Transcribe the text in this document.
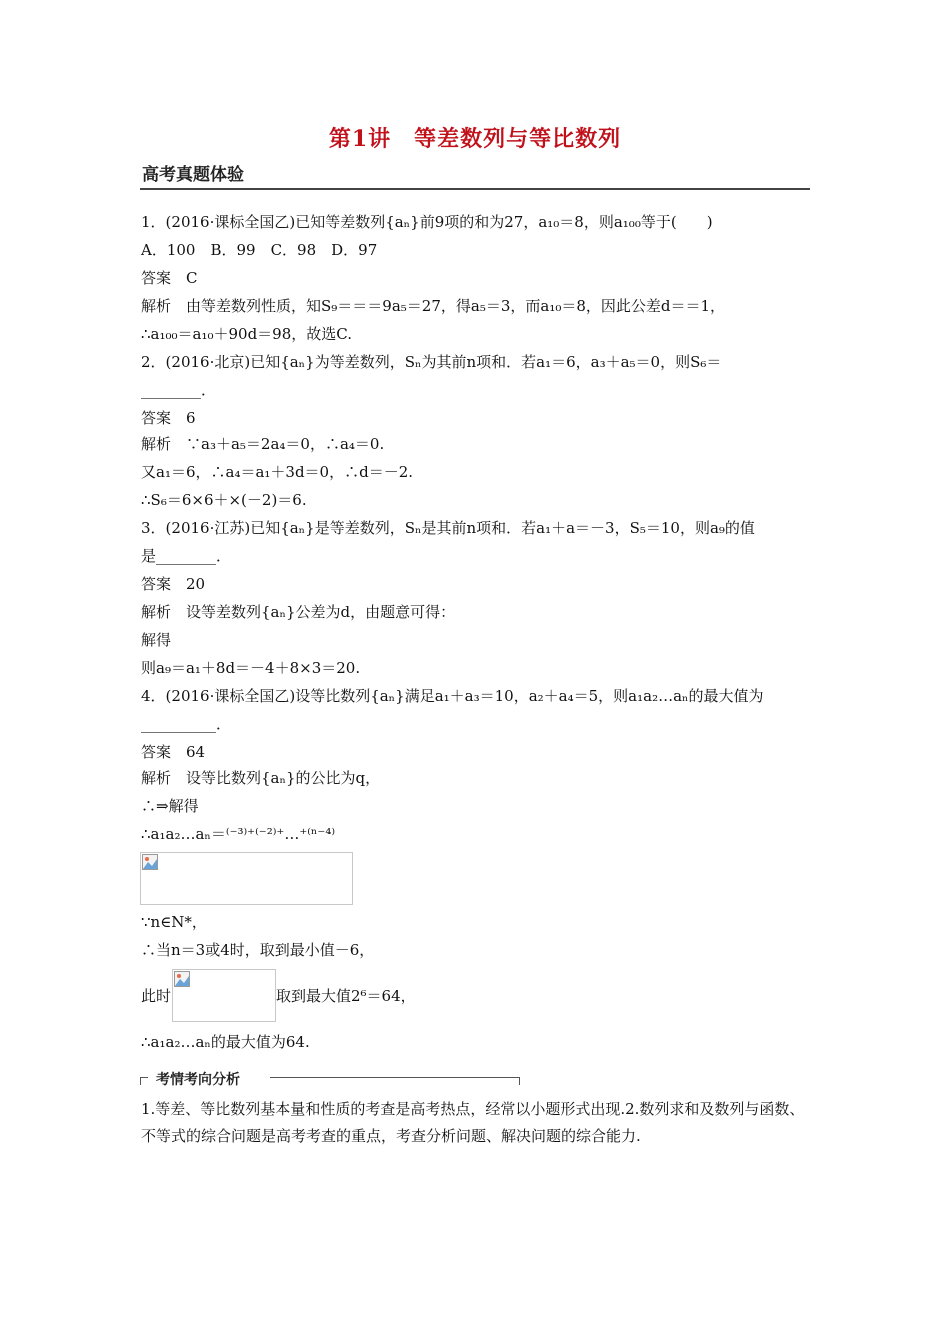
第1讲　等差数列与等比数列
高考真题体验
1．(2016·课标全国乙)已知等差数列{aₙ}前9项的和为27，a₁₀＝8，则a₁₀₀等于(　　)
A．100　B．99　C．98　D．97
答案　C
解析　由等差数列性质，知S₉＝＝＝9a₅＝27，得a₅＝3，而a₁₀＝8，因此公差d＝＝1，
∴a₁₀₀＝a₁₀＋90d＝98，故选C.
2．(2016·北京)已知{aₙ}为等差数列，Sₙ为其前n项和．若a₁＝6，a₃＋a₅＝0，则S₆＝
________．
答案　6
解析　∵a₃＋a₅＝2a₄＝0，∴a₄＝0.
又a₁＝6，∴a₄＝a₁＋3d＝0，∴d＝－2.
∴S₆＝6×6＋×(－2)＝6.
3．(2016·江苏)已知{aₙ}是等差数列，Sₙ是其前n项和．若a₁＋a＝－3，S₅＝10，则a₉的值
是________．
答案　20
解析　设等差数列{aₙ}公差为d，由题意可得：
解得
则a₉＝a₁＋8d＝－4＋8×3＝20.
4．(2016·课标全国乙)设等比数列{aₙ}满足a₁＋a₃＝10，a₂＋a₄＝5，则a₁a₂…aₙ的最大值为
__________．
答案　64
解析　设等比数列{aₙ}的公比为q，
∴⇒解得
∴a₁a₂…aₙ＝⁽⁻³⁾⁺⁽⁻²⁾⁺…⁺⁽ⁿ⁻⁴⁾
∵n∈N*，
∴当n＝3或4时，取到最小值－6，
此时	取到最大值2⁶＝64，
∴a₁a₂…aₙ的最大值为64.
考情考向分析
1.等差、等比数列基本量和性质的考查是高考热点，经常以小题形式出现.2.数列求和及数列与函数、不等式的综合问题是高考考查的重点，考查分析问题、解决问题的综合能力.
